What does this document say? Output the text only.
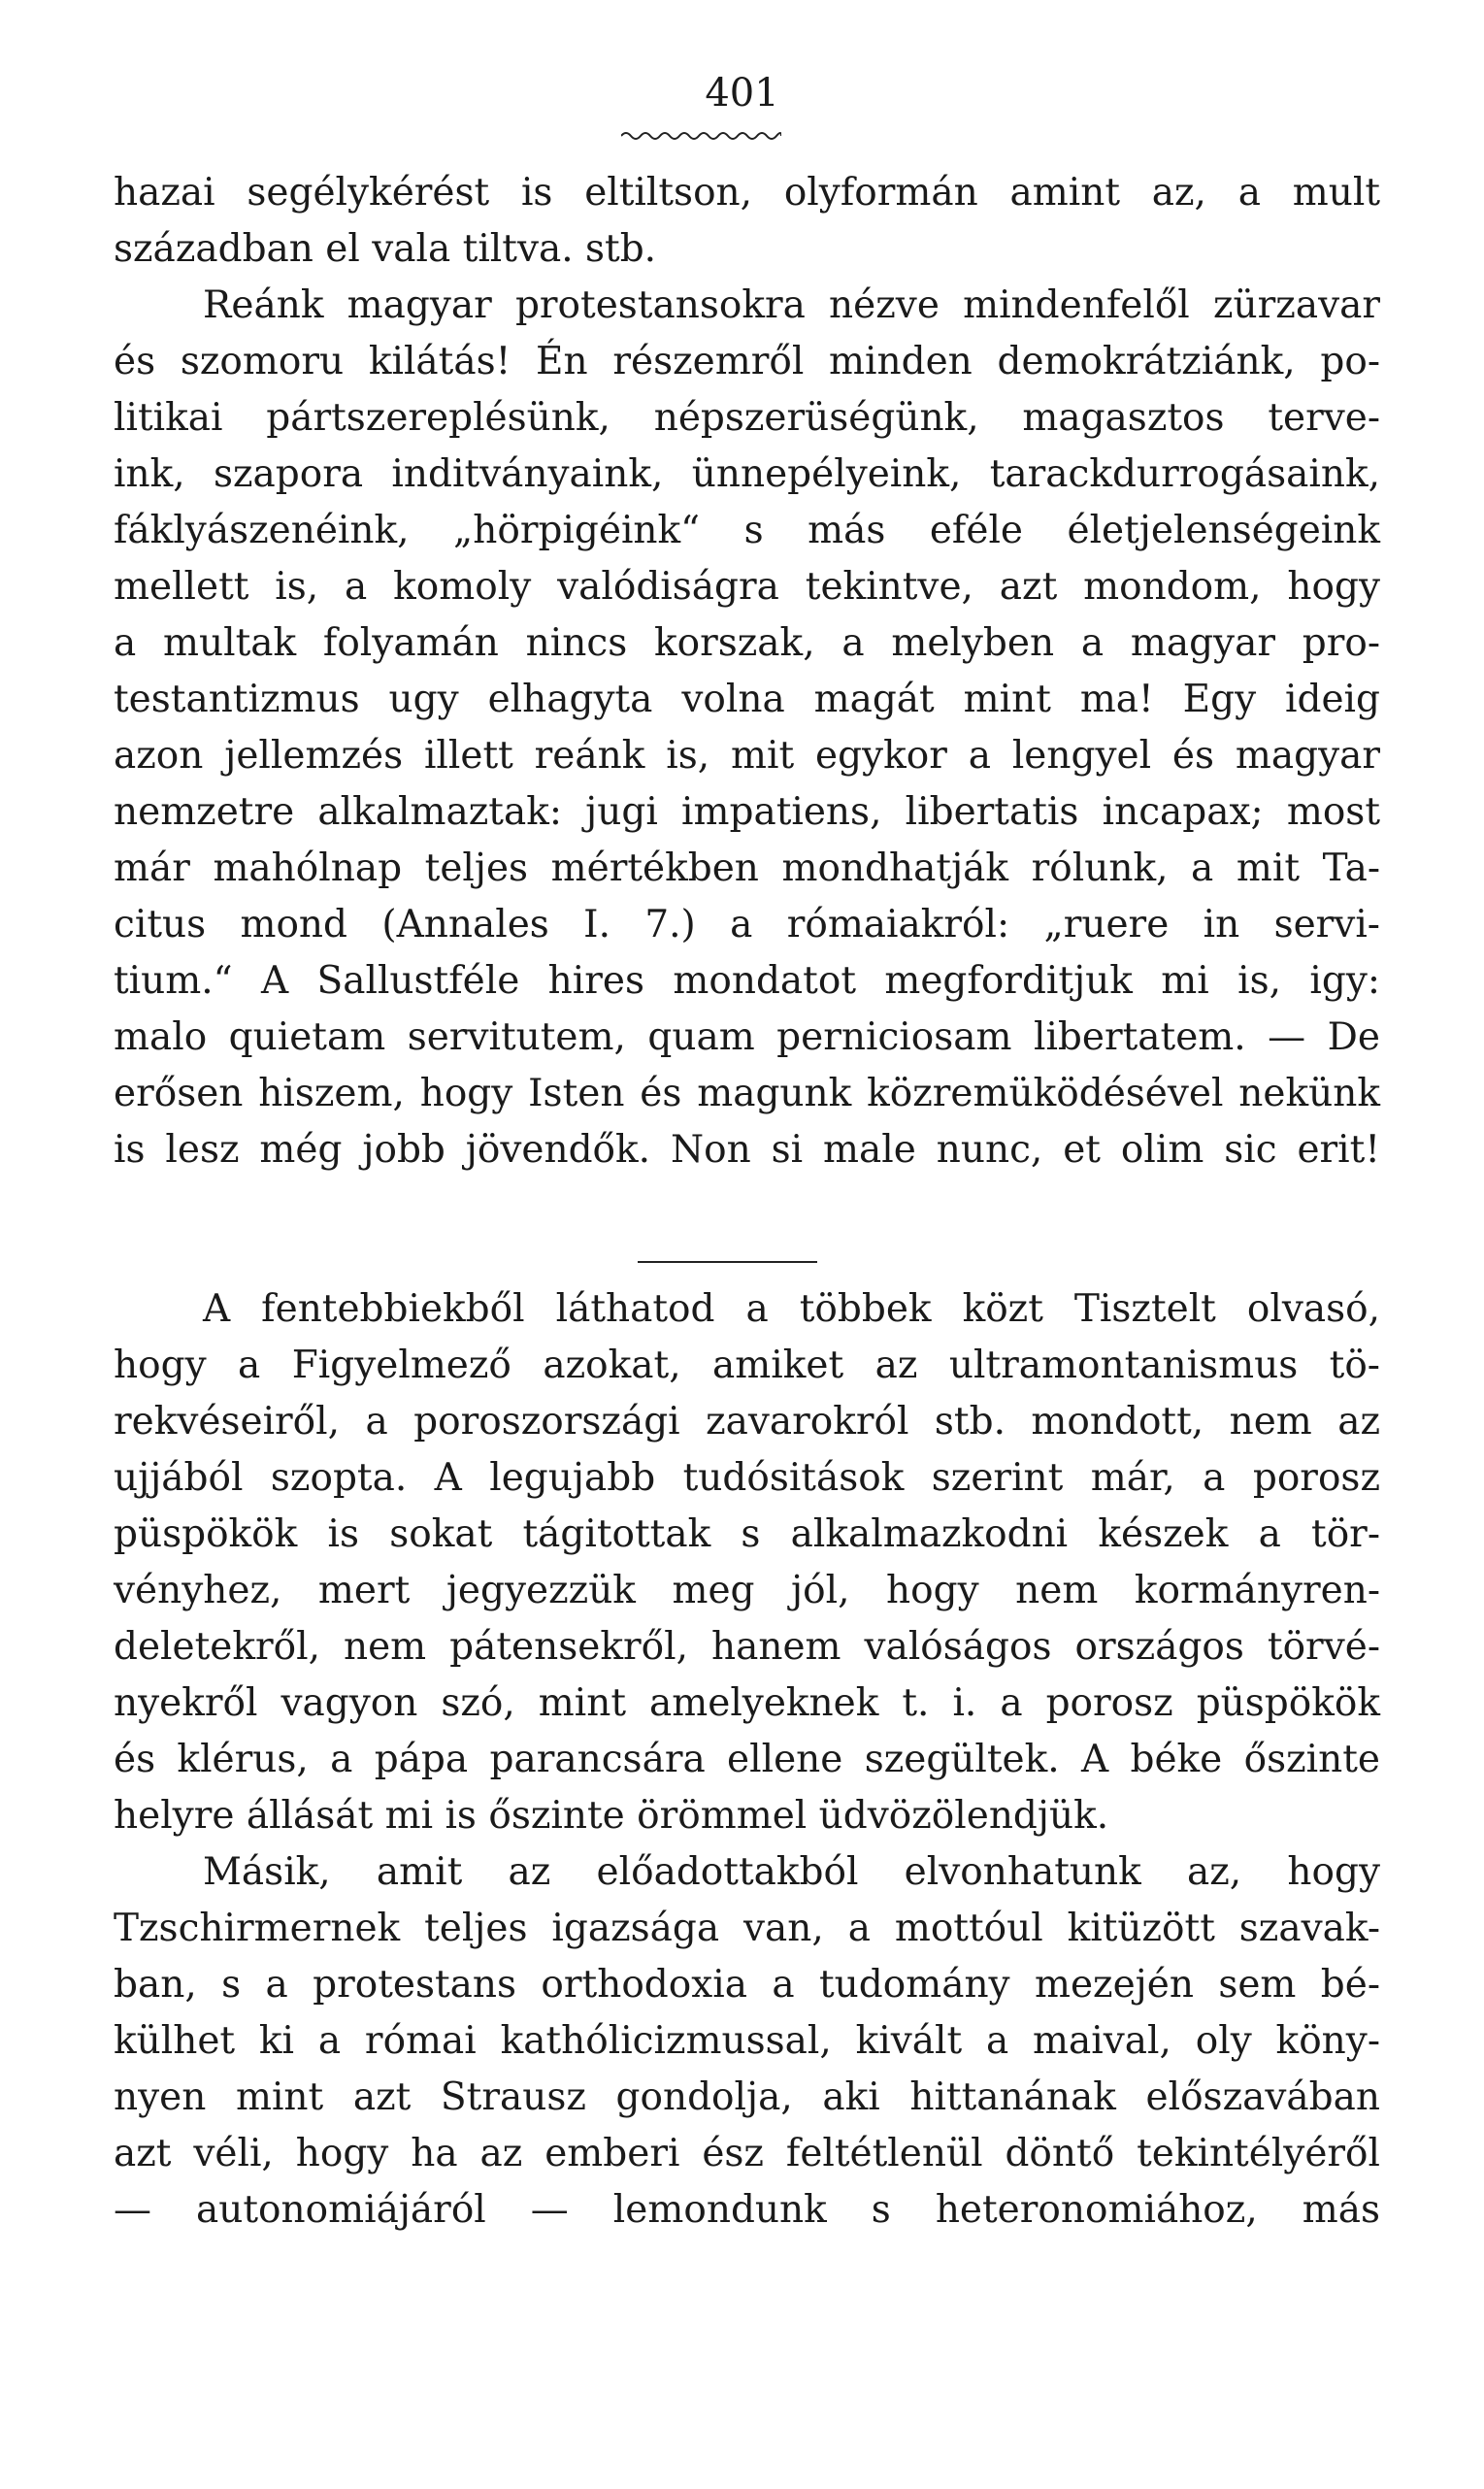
401
hazai segélykérést is eltiltson, olyformán amint az, a mult
században el vala tiltva. stb.
Reánk magyar protestansokra nézve mindenfelől zürzavar
és szomoru kilátás! Én részemről minden demokrátziánk, po-
litikai pártszereplésünk, népszerüségünk, magasztos terve-
ink, szapora inditványaink, ünnepélyeink, tarackdurrogásaink,
fáklyászenéink, „hörpigéink“ s más eféle életjelenségeink
mellett is, a komoly valódiságra tekintve, azt mondom, hogy
a multak folyamán nincs korszak, a melyben a magyar pro-
testantizmus ugy elhagyta volna magát mint ma! Egy ideig
azon jellemzés illett reánk is, mit egykor a lengyel és magyar
nemzetre alkalmaztak: jugi impatiens, libertatis incapax; most
már mahólnap teljes mértékben mondhatják rólunk, a mit Ta-
citus mond (Annales I. 7.) a rómaiakról: „ruere in servi-
tium.“ A Sallustféle hires mondatot megforditjuk mi is, igy:
malo quietam servitutem, quam perniciosam libertatem. — De
erősen hiszem, hogy Isten és magunk közremüködésével nekünk
is lesz még jobb jövendők. Non si male nunc, et olim sic erit!
A fentebbiekből láthatod a többek közt Tisztelt olvasó,
hogy a Figyelmező azokat, amiket az ultramontanismus tö-
rekvéseiről, a poroszországi zavarokról stb. mondott, nem az
ujjából szopta. A legujabb tudósitások szerint már, a porosz
püspökök is sokat tágitottak s alkalmazkodni készek a tör-
vényhez, mert jegyezzük meg jól, hogy nem kormányren-
deletekről, nem pátensekről, hanem valóságos országos törvé-
nyekről vagyon szó, mint amelyeknek t. i. a porosz püspökök
és klérus, a pápa parancsára ellene szegültek. A béke őszinte
helyre állását mi is őszinte örömmel üdvözölendjük.
Másik, amit az előadottakból elvonhatunk az, hogy
Tzschirmernek teljes igazsága van, a mottóul kitüzött szavak-
ban, s a protestans orthodoxia a tudomány mezején sem bé-
külhet ki a római kathólicizmussal, kivált a maival, oly köny-
nyen mint azt Strausz gondolja, aki hittanának előszavában
azt véli, hogy ha az emberi ész feltétlenül döntő tekintélyéről
— autonomiájáról — lemondunk s heteronomiához, más
